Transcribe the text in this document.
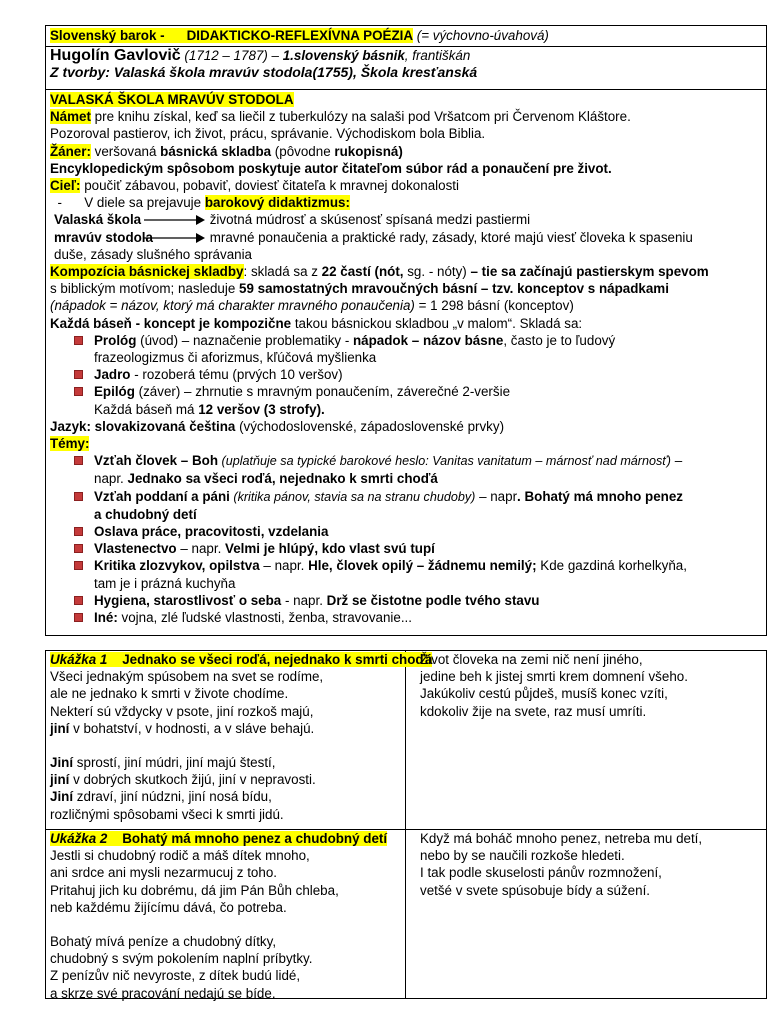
Slovenský barok - DIDAKTICKO-REFLEXÍVNA POÉZIA (= výchovno-úvahová)
Hugolín Gavlovič (1712 – 1787) – 1.slovenský básnik, františkán
Z tvorby: Valaská škola mravúv stodola(1755), Škola kresťanská
VALASKÁ ŠKOLA MRAVÚV STODOLA
Námet pre knihu získal, keď sa liečil z tuberkulózy na salaši pod Vršatcom pri Červenom Kláštore.
Pozoroval pastierov, ich život, prácu, správanie. Východiskom bola Biblia.
Žáner: veršovaná básnická skladba (pôvodne rukopisná)
Encyklopedickým spôsobom poskytuje autor čitateľom súbor rád a ponaučení pre život.
Cieľ: poučiť zábavou, pobaviť, doviesť čitateľa k mravnej dokonalosti
-      V diele sa prejavuje barokový didaktizmus:
Valaská škola	životná múdrosť a skúsenosť spísaná medzi pastiermi
mravúv stodola	mravné ponaučenia a praktické rady, zásady, ktoré majú viesť človeka k spaseniu
duše, zásady slušného správania
Kompozícia básnickej skladby: skladá sa z 22 častí (nót, sg. - nóty) – tie sa začínajú pastierskym spevom
s biblickým motívom; nasleduje 59 samostatných mravoučných básní – tzv. konceptov s nápadkami
(nápadok = názov, ktorý má charakter mravného ponaučenia) = 1 298 básní (konceptov)
Každá báseň - koncept je kompozične takou básnickou skladbou „v malom“. Skladá sa:
Prológ (úvod) – naznačenie problematiky - nápadok – názov básne, často je to ľudový
frazeologizmus či aforizmus, kľúčová myšlienka
Jadro - rozoberá tému (prvých 10 veršov)
Epilóg (záver) – zhrnutie s mravným ponaučením, záverečné 2-veršie
Každá báseň má 12 veršov (3 strofy).
Jazyk: slovakizovaná čeština (východoslovenské, západoslovenské prvky)
Témy:
Vzťah človek – Boh (uplatňuje sa typické barokové heslo: Vanitas vanitatum – márnosť nad márnosť) –
napr. Jednako sa všeci roďá, nejednako k smrti choďá
Vzťah poddaní a páni (kritika pánov, stavia sa na stranu chudoby) – napr. Bohatý má mnoho penez
a chudobný detí
Oslava práce, pracovitosti, vzdelania
Vlastenectvo – napr. Velmi je hlúpý, kdo vlast svú tupí
Kritika zlozvykov, opilstva – napr. Hle, človek opilý – žádnemu nemilý; Kde gazdiná korhelkyňa,
tam je i prázná kuchyňa
Hygiena, starostlivosť o seba - napr. Drž se čistotne podle tvého stavu
Iné: vojna, zlé ľudské vlastnosti, ženba, stravovanie...
Ukážka 1 Jednako se všeci roďá, nejednako k smrti choďá
Všeci jednakým spúsobem na svet se rodíme,
ale ne jednako k smrti v živote chodíme.
Nekterí sú vždycky v psote, jiní rozkoš majú,
jiní v bohatství, v hodnosti, a v sláve behajú.
Jiní sprostí, jiní múdri, jiní majú štestí,
jiní v dobrých skutkoch žijú, jiní v nepravosti.
Jiní zdraví, jiní núdzni, jiní nosá bídu,
rozličnými spôsobami všeci k smrti jidú.
Život človeka na zemi nič není jiného,
jedine beh k jistej smrti krem domnení všeho.
Jakúkoliv cestú půjdeš, musíš konec vzíti,
kdokoliv žije na svete, raz musí umríti.
Ukážka 2 Bohatý má mnoho penez a chudobný detí
Jestli si chudobný rodič a máš dítek mnoho,
ani srdce ani mysli nezarmucuj z toho.
Pritahuj jich ku dobrému, dá jim Pán Bůh chleba,
neb každému žijícímu dává, čo potreba.
Bohatý mívá peníze a chudobný dítky,
chudobný s svým pokolením naplní príbytky.
Z penízův nič nevyroste, z dítek budú lidé,
a skrze své pracování nedajú se bíde.
Když má boháč mnoho penez, netreba mu detí,
nebo by se naučili rozkoše hledeti.
I tak podle skuselosti pánův rozmnožení,
vetšé v svete spúsobuje bídy a súžení.
